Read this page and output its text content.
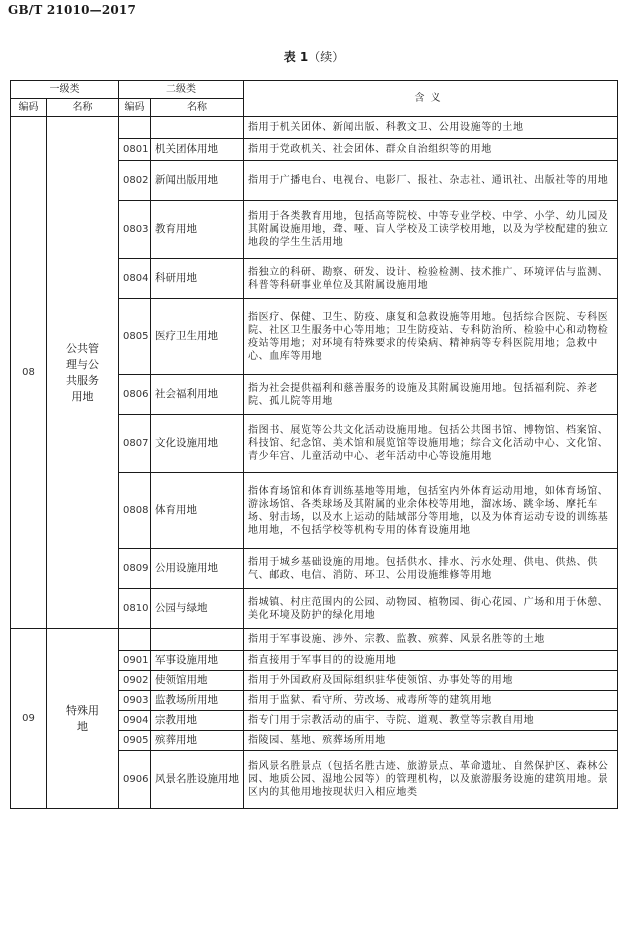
GB/T 21010—2017
表 1（续）
一级类		二级类		含义
编码	名称	编码	名称	
08	公共管理与公共服务用地			指用于机关团体、新闻出版、科教文卫、公用设施等的土地
		0801	机关团体用地	指用于党政机关、社会团体、群众自治组织等的用地
		0802	新闻出版用地	指用于广播电台、电视台、电影厂、报社、杂志社、通讯社、出版社等的用地
		0803	教育用地	指用于各类教育用地，包括高等院校、中等专业学校、中学、小学、幼儿园及其附属设施用地，聋、哑、盲人学校及工读学校用地，以及为学校配建的独立地段的学生生活用地
		0804	科研用地	指独立的科研、勘察、研发、设计、检验检测、技术推广、环境评估与监测、科普等科研事业单位及其附属设施用地
		0805	医疗卫生用地	指医疗、保健、卫生、防疫、康复和急救设施等用地。包括综合医院、专科医院、社区卫生服务中心等用地；卫生防疫站、专科防治所、检验中心和动物检疫站等用地；对环境有特殊要求的传染病、精神病等专科医院用地；急救中心、血库等用地
		0806	社会福利用地	指为社会提供福利和慈善服务的设施及其附属设施用地。包括福利院、养老院、孤儿院等用地
		0807	文化设施用地	指图书、展览等公共文化活动设施用地。包括公共图书馆、博物馆、档案馆、科技馆、纪念馆、美术馆和展览馆等设施用地；综合文化活动中心、文化馆、青少年宫、儿童活动中心、老年活动中心等设施用地
		0808	体育用地	指体育场馆和体育训练基地等用地，包括室内外体育运动用地，如体育场馆、游泳场馆、各类球场及其附属的业余体校等用地，溜冰场、跳伞场、摩托车场、射击场，以及水上运动的陆域部分等用地，以及为体育运动专设的训练基地用地，不包括学校等机构专用的体育设施用地
		0809	公用设施用地	指用于城乡基础设施的用地。包括供水、排水、污水处理、供电、供热、供气、邮政、电信、消防、环卫、公用设施维修等用地
		0810	公园与绿地	指城镇、村庄范围内的公园、动物园、植物园、街心花园、广场和用于休憩、美化环境及防护的绿化用地
09	特殊用地			指用于军事设施、涉外、宗教、监教、殡葬、风景名胜等的土地
		0901	军事设施用地	指直接用于军事目的的设施用地
		0902	使领馆用地	指用于外国政府及国际组织驻华使领馆、办事处等的用地
		0903	监教场所用地	指用于监狱、看守所、劳改场、戒毒所等的建筑用地
		0904	宗教用地	指专门用于宗教活动的庙宇、寺院、道观、教堂等宗教自用地
		0905	殡葬用地	指陵园、墓地、殡葬场所用地
		0906	风景名胜设施用地	指风景名胜景点（包括名胜古迹、旅游景点、革命遗址、自然保护区、森林公园、地质公园、湿地公园等）的管理机构，以及旅游服务设施的建筑用地。景区内的其他用地按现状归入相应地类
